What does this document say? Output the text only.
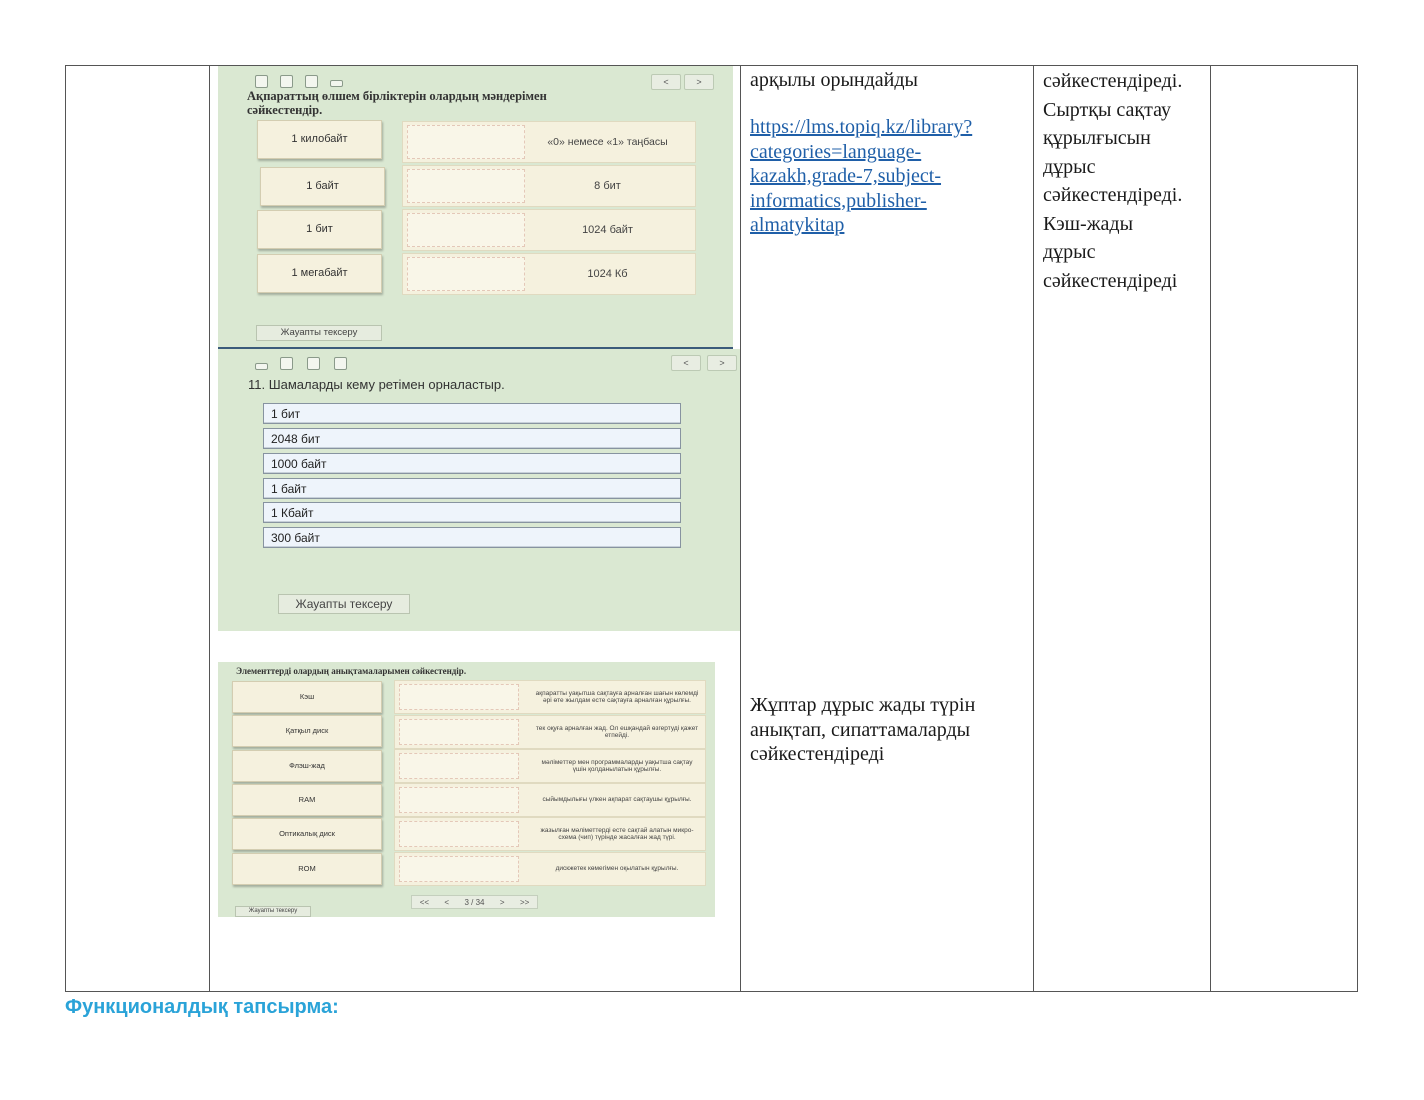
<	>
Ақпараттың өлшем бірліктерін олардың мәндерімен
сәйкестендір.
1 килобайт	«0» немесе «1» таңбасы
1 байт	8 бит
1 бит	1024 байт
1 мегабайт	1024 Кб
Жауапты тексеру
<	>
11. Шамаларды кему ретімен орналастыр.
1 бит
2048 бит
1000 байт
1 байт
1 Кбайт
300 байт
Жауапты тексеру
Элементтерді олардың анықтамаларымен сәйкестендір.
Кэш	ақпаратты уақытша сақтауға арналған шағын көлемді әрі өте жылдам есте сақтауға арналған құрылғы.
Қатқыл диск	тек оқуға арналған жад. Ол ешқандай өзгертуді қажет етпейді.
Флэш-жад	мәліметтер мен программаларды уақытша сақтау үшін қолданылатын құрылғы.
RAM	сыйымдылығы үлкен ақпарат сақтаушы құрылғы.
Оптикалық диск	жазылған мәліметтерді есте сақтай алатын микро-схема (чип) түрінде жасалған жад түрі.
ROM	дискжетек көмегімен оқылатын құрылғы.
<< < 3 / 34 > >>
Жауапты тексеру
арқылы орындайды
https://lms.topiq.kz/library?
categories=language-
kazakh,grade-7,subject-
informatics,publisher-
almatykitap
Жұптар дұрыс жады түрін
анықтап, сипаттамаларды
сәйкестендіреді
сәйкестендіреді.
Сыртқы сақтау
құрылғысын
дұрыс
сәйкестендіреді.
Кэш-жады
дұрыс
сәйкестендіреді
Функционалдық тапсырма:
